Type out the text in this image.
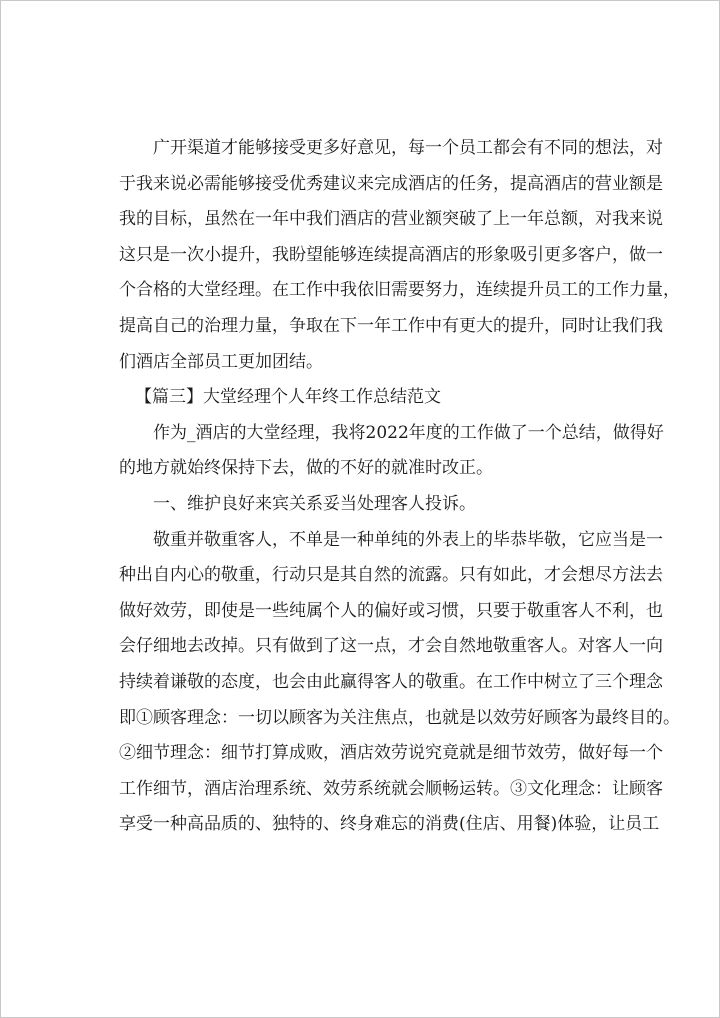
广开渠道才能够接受更多好意见，每一个员工都会有不同的想法，对
于我来说必需能够接受优秀建议来完成酒店的任务，提高酒店的营业额是
我的目标，虽然在一年中我们酒店的营业额突破了上一年总额，对我来说
这只是一次小提升，我盼望能够连续提高酒店的形象吸引更多客户，做一
个合格的大堂经理。在工作中我依旧需要努力，连续提升员工的工作力量，
提高自己的治理力量，争取在下一年工作中有更大的提升，同时让我们我
们酒店全部员工更加团结。
【篇三】大堂经理个人年终工作总结范文
作为_酒店的大堂经理，我将2022年度的工作做了一个总结，做得好
的地方就始终保持下去，做的不好的就准时改正。
一、维护良好来宾关系妥当处理客人投诉。
敬重并敬重客人，不单是一种单纯的外表上的毕恭毕敬，它应当是一
种出自内心的敬重，行动只是其自然的流露。只有如此，才会想尽方法去
做好效劳，即使是一些纯属个人的偏好或习惯，只要于敬重客人不利，也
会仔细地去改掉。只有做到了这一点，才会自然地敬重客人。对客人一向
持续着谦敬的态度，也会由此赢得客人的敬重。在工作中树立了三个理念
即①顾客理念：一切以顾客为关注焦点，也就是以效劳好顾客为最终目的。
②细节理念：细节打算成败，酒店效劳说究竟就是细节效劳，做好每一个
工作细节，酒店治理系统、效劳系统就会顺畅运转。③文化理念：让顾客
享受一种高品质的、独特的、终身难忘的消费(住店、用餐)体验，让员工
